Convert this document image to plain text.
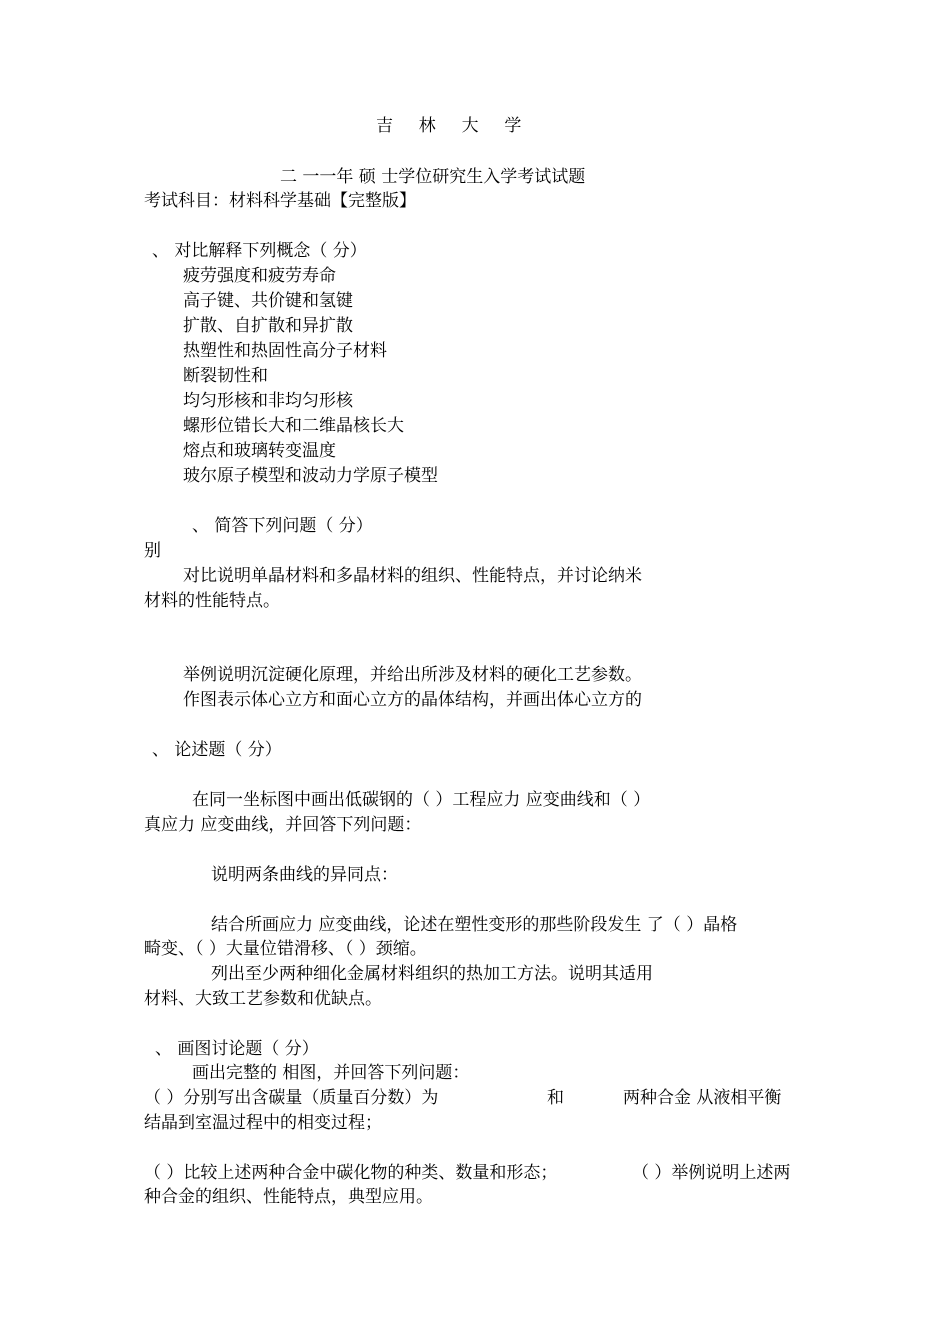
吉 林 大 学
二 一一年 硕 士学位研究生入学考试试题
考试科目：材料科学基础【完整版】
、 对比解释下列概念（ 分）
疲劳强度和疲劳寿命
高子键、共价键和氢键
扩散、自扩散和异扩散
热塑性和热固性高分子材料
断裂韧性和
均匀形核和非均匀形核
螺形位错长大和二维晶核长大
熔点和玻璃转变温度
玻尔原子模型和波动力学原子模型
、 简答下列问题（ 分）
别
对比说明单晶材料和多晶材料的组织、性能特点，并讨论纳米
材料的性能特点。
举例说明沉淀硬化原理，并给出所涉及材料的硬化工艺参数。
作图表示体心立方和面心立方的晶体结构，并画出体心立方的
、 论述题（ 分）
在同一坐标图中画出低碳钢的（ ）工程应力 应变曲线和（ ）
真应力 应变曲线，并回答下列问题：
说明两条曲线的异同点：
结合所画应力 应变曲线，论述在塑性变形的那些阶段发生 了（ ）晶格
畸变、（ ）大量位错滑移、（ ）颈缩。
列出至少两种细化金属材料组织的热加工方法。说明其适用
材料、大致工艺参数和优缺点。
、 画图讨论题（ 分）
画出完整的 相图，并回答下列问题：
（ ）分别写出含碳量（质量百分数）为	和	两种合金 从液相平衡
结晶到室温过程中的相变过程；
（ ）比较上述两种合金中碳化物的种类、数量和形态；	（ ）举例说明上述两
种合金的组织、性能特点，典型应用。
